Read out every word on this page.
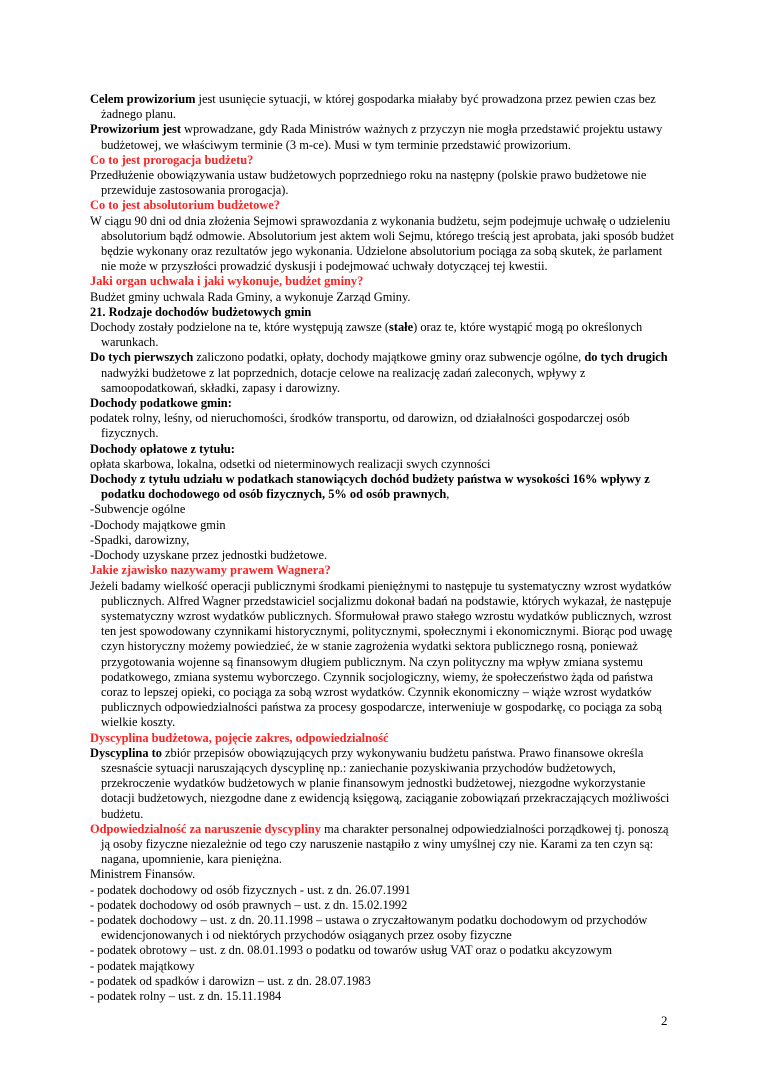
Celem prowizorium jest usunięcie sytuacji, w której gospodarka miałaby być prowadzona przez pewien czas bez żadnego planu.

Prowizorium jest wprowadzane, gdy Rada Ministrów ważnych z przyczyn nie mogła przedstawić projektu ustawy budżetowej, we właściwym terminie (3 m-ce). Musi w tym terminie przedstawić prowizorium.

Co to jest prorogacja budżetu?

Przedłużenie obowiązywania ustaw budżetowych poprzedniego roku na następny (polskie prawo budżetowe nie przewiduje zastosowania prorogacja).

Co to jest absolutorium budżetowe?

W ciągu 90 dni od dnia złożenia Sejmowi sprawozdania z wykonania budżetu, sejm podejmuje uchwałę o udzieleniu absolutorium bądź odmowie. Absolutorium jest aktem woli Sejmu, którego treścią jest aprobata, jaki sposób budżet będzie wykonany oraz rezultatów jego wykonania. Udzielone absolutorium pociąga za sobą skutek, że parlament nie może w przyszłości prowadzić dyskusji i podejmować uchwały dotyczącej tej kwestii.

Jaki organ uchwala i jaki wykonuje, budżet gminy?

Budżet gminy uchwala Rada Gminy, a wykonuje Zarząd Gminy.

21. Rodzaje dochodów budżetowych gmin

Dochody zostały podzielone na te, które występują zawsze (stałe) oraz te, które wystąpić mogą po określonych warunkach.

Do tych pierwszych zaliczono podatki, opłaty, dochody majątkowe gminy oraz subwencje ogólne, do tych drugich nadwyżki budżetowe z lat poprzednich, dotacje celowe na realizację zadań zaleconych, wpływy z samoopodatkowań, składki, zapasy i darowizny.

Dochody podatkowe gmin:

podatek rolny, leśny, od nieruchomości, środków transportu, od darowizn, od działalności gospodarczej osób fizycznych.

Dochody opłatowe z tytułu:

opłata skarbowa, lokalna, odsetki od nieterminowych realizacji swych czynności

Dochody z tytułu udziału w podatkach stanowiących dochód budżety państwa w wysokości 16% wpływy z podatku dochodowego od osób fizycznych, 5% od osób prawnych,

-Subwencje ogólne

-Dochody majątkowe gmin

-Spadki, darowizny,

-Dochody uzyskane przez jednostki budżetowe.

Jakie zjawisko nazywamy prawem Wagnera?

Jeżeli badamy wielkość operacji publicznymi środkami pieniężnymi to następuje tu systematyczny wzrost wydatków publicznych. Alfred Wagner przedstawiciel socjalizmu dokonał badań na podstawie, których wykazał, że następuje systematyczny wzrost wydatków publicznych. Sformułował prawo stałego wzrostu wydatków publicznych, wzrost ten jest spowodowany czynnikami historycznymi, politycznymi, społecznymi i ekonomicznymi. Biorąc pod uwagę czyn historyczny możemy powiedzieć, że w stanie zagrożenia wydatki sektora publicznego rosną, ponieważ przygotowania wojenne są finansowym długiem publicznym. Na czyn polityczny ma wpływ zmiana systemu podatkowego, zmiana systemu wyborczego. Czynnik socjologiczny, wiemy, że społeczeństwo żąda od państwa coraz to lepszej opieki, co pociąga za sobą wzrost wydatków. Czynnik ekonomiczny – wiąże wzrost wydatków publicznych odpowiedzialności państwa za procesy gospodarcze, interweniuje w gospodarkę, co pociąga za sobą wielkie koszty.

Dyscyplina budżetowa, pojęcie zakres, odpowiedzialność

Dyscyplina to zbiór przepisów obowiązujących przy wykonywaniu budżetu państwa. Prawo finansowe określa szesnaście sytuacji naruszających dyscyplinę np.: zaniechanie pozyskiwania przychodów budżetowych, przekroczenie wydatków budżetowych w planie finansowym jednostki budżetowej, niezgodne wykorzystanie dotacji budżetowych, niezgodne dane z ewidencją księgową, zaciąganie zobowiązań przekraczających możliwości budżetu.

Odpowiedzialność za naruszenie dyscypliny ma charakter personalnej odpowiedzialności porządkowej tj. ponoszą ją osoby fizyczne niezależnie od tego czy naruszenie nastąpiło z winy umyślnej czy nie. Karami za ten czyn są: nagana, upomnienie, kara pieniężna.

Ministrem Finansów.

- podatek dochodowy od osób fizycznych - ust. z dn. 26.07.1991

- podatek dochodowy od osób prawnych – ust. z dn. 15.02.1992

- podatek dochodowy – ust. z dn. 20.11.1998 – ustawa o zryczałtowanym podatku dochodowym od przychodów ewidencjonowanych i od niektórych przychodów osiąganych przez osoby fizyczne

- podatek obrotowy – ust. z dn. 08.01.1993 o podatku od towarów usług VAT oraz o podatku akcyzowym

- podatek majątkowy

- podatek od spadków i darowizn – ust. z dn. 28.07.1983

- podatek rolny – ust. z dn. 15.11.1984

2
